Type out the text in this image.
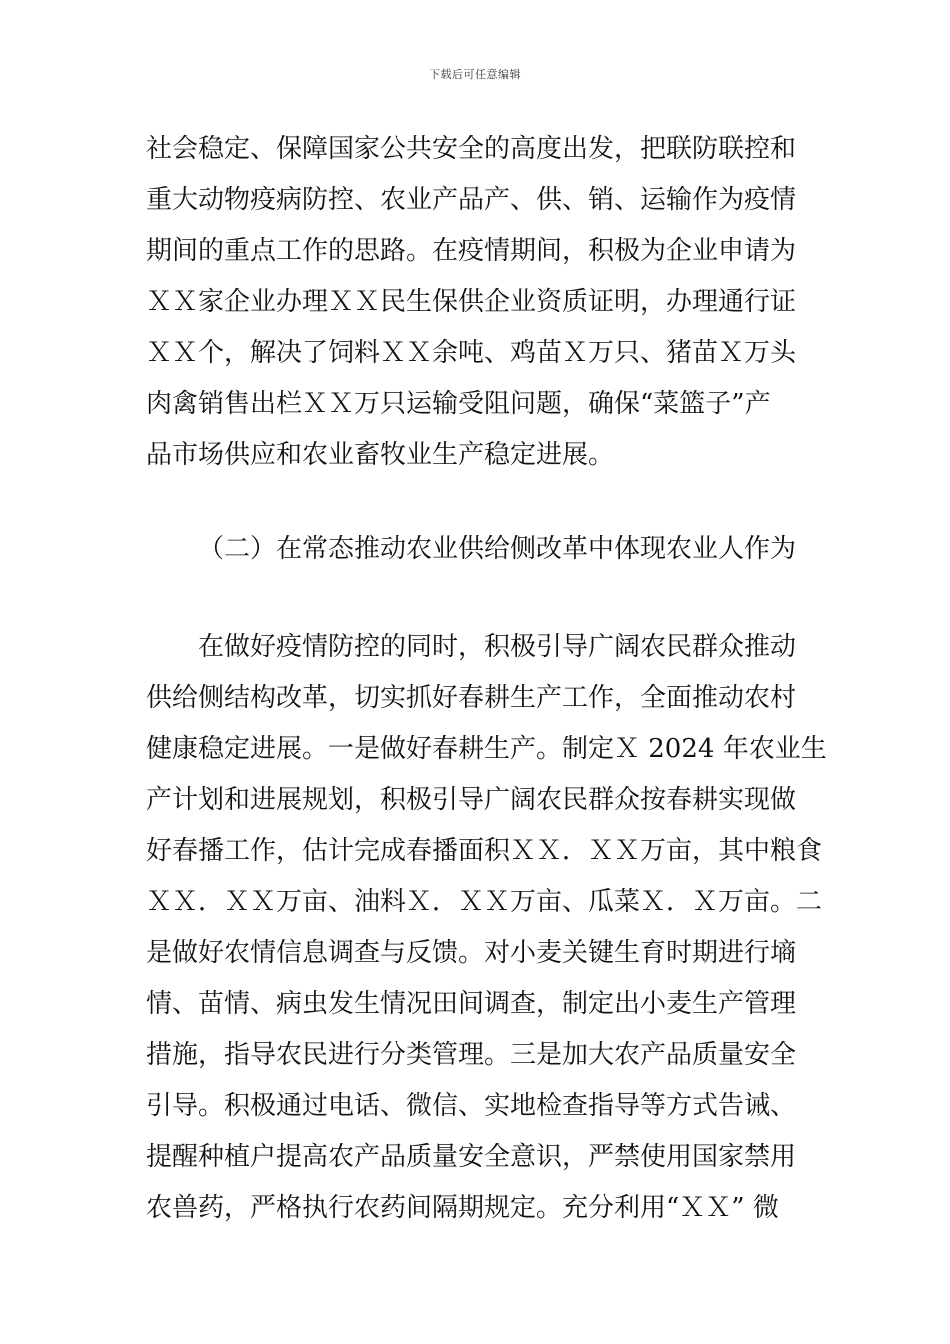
下载后可任意编辑
社会稳定、保障国家公共安全的高度出发，把联防联控和
重大动物疫病防控、农业产品产、供、销、运输作为疫情
期间的重点工作的思路。在疫情期间，积极为企业申请为
ＸＸ家企业办理ＸＸ民生保供企业资质证明，办理通行证
ＸＸ个，解决了饲料ＸＸ余吨、鸡苗Ｘ万只、猪苗Ｘ万头
肉禽销售出栏ＸＸ万只运输受阻问题，确保“菜篮子”产
品市场供应和农业畜牧业生产稳定进展。
（二）在常态推动农业供给侧改革中体现农业人作为
在做好疫情防控的同时，积极引导广阔农民群众推动
供给侧结构改革，切实抓好春耕生产工作，全面推动农村
健康稳定进展。一是做好春耕生产。制定Ｘ 2024 年农业生
产计划和进展规划，积极引导广阔农民群众按春耕实现做
好春播工作，估计完成春播面积ＸＸ．ＸＸ万亩，其中粮食
ＸＸ．ＸＸ万亩、油料Ｘ．ＸＸ万亩、瓜菜Ｘ．Ｘ万亩。二
是做好农情信息调查与反馈。对小麦关键生育时期进行墒
情、苗情、病虫发生情况田间调查，制定出小麦生产管理
措施，指导农民进行分类管理。三是加大农产品质量安全
引导。积极通过电话、微信、实地检查指导等方式告诫、
提醒种植户提高农产品质量安全意识，严禁使用国家禁用
农兽药，严格执行农药间隔期规定。充分利用“ＸＸ” 微
